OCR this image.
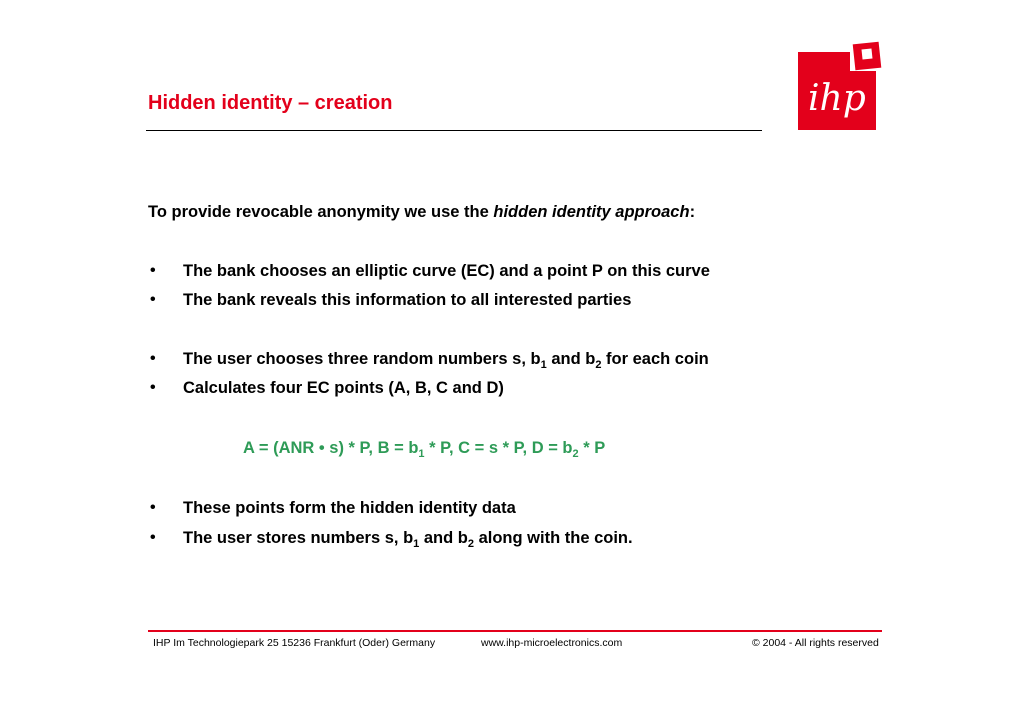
Hidden identity – creation	ihp
To provide revocable anonymity we use the hidden identity approach:
• The bank chooses an elliptic curve (EC) and a point P on this curve
• The bank reveals this information to all interested parties
• The user chooses three random numbers s, $b_1$ and $b_2$ for each coin
• Calculates four EC points (A, B, C and D)
A = (ANR • s) * P, $B = b_1 * P$, C = s * P, $D = b_2 * P$
• These points form the hidden identity data
• The user stores numbers s, $b_1$ and $b_2$ along with the coin.
IHP Im Technologiepark 25 15236 Frankfurt (Oder) Germany	www.ihp-microelectronics.com	© 2004 - All rights reserved
